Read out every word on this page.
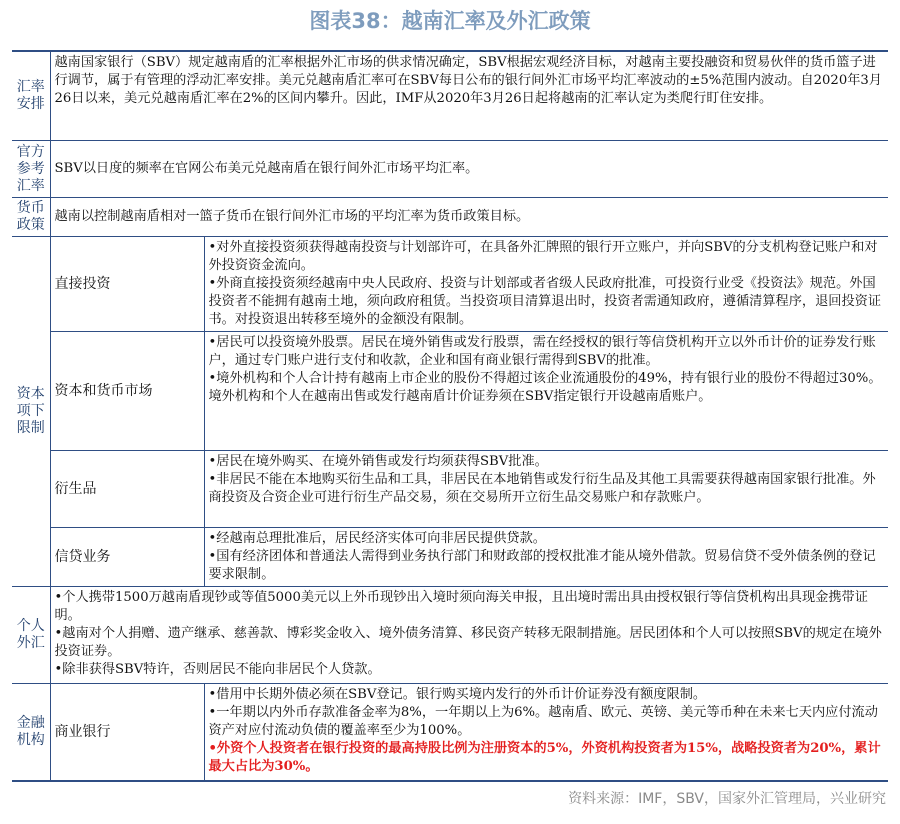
图表38：越南汇率及外汇政策
汇率安排	越南国家银行（SBV）规定越南盾的汇率根据外汇市场的供求情况确定，SBV根据宏观经济目标，对越南主要投融资和贸易伙伴的货币篮子进行调节，属于有管理的浮动汇率安排。美元兑越南盾汇率可在SBV每日公布的银行间外汇市场平均汇率波动的±5%范围内波动。自2020年3月26日以来，美元兑越南盾汇率在2%的区间内攀升。因此，IMF从2020年3月26日起将越南的汇率认定为类爬行盯住安排。	
官方参考汇率	SBV以日度的频率在官网公布美元兑越南盾在银行间外汇市场平均汇率。	
货币政策	越南以控制越南盾相对一篮子货币在银行间外汇市场的平均汇率为货币政策目标。	
资本项下限制	直接投资	•对外直接投资须获得越南投资与计划部许可，在具备外汇牌照的银行开立账户，并向SBV的分支机构登记账户和对外投资资金流向。
•外商直接投资须经越南中央人民政府、投资与计划部或者省级人民政府批准，可投资行业受《投资法》规范。外国投资者不能拥有越南土地，须向政府租赁。当投资项目清算退出时，投资者需通知政府，遵循清算程序，退回投资证书。对投资退出转移至境外的金额没有限制。

	资本和货币市场	•居民可以投资境外股票。居民在境外销售或发行股票，需在经授权的银行等信贷机构开立以外币计价的证券发行账户，通过专门账户进行支付和收款，企业和国有商业银行需得到SBV的批准。
•境外机构和个人合计持有越南上市企业的股份不得超过该企业流通股份的49%，持有银行业的股份不得超过30%。境外机构和个人在越南出售或发行越南盾计价证券须在SBV指定银行开设越南盾账户。

	衍生品	•居民在境外购买、在境外销售或发行均须获得SBV批准。
•非居民不能在本地购买衍生品和工具，非居民在本地销售或发行衍生品及其他工具需要获得越南国家银行批准。外商投资及合资企业可进行衍生产品交易，须在交易所开立衍生品交易账户和存款账户。

	信贷业务	•经越南总理批准后，居民经济实体可向非居民提供贷款。
•国有经济团体和普通法人需得到业务执行部门和财政部的授权批准才能从境外借款。贸易信贷不受外债条例的登记要求限制。

个人外汇	•个人携带1500万越南盾现钞或等值5000美元以上外币现钞出入境时须向海关申报，且出境时需出具由授权银行等信贷机构出具现金携带证明。
•越南对个人捐赠、遗产继承、慈善款、博彩奖金收入、境外债务清算、移民资产转移无限制措施。居民团体和个人可以按照SBV的规定在境外投资证券。
•除非获得SBV特许，否则居民不能向非居民个人贷款。	

金融机构	商业银行	•借用中长期外债必须在SBV登记。银行购买境内发行的外币计价证券没有额度限制。
•一年期以内外币存款准备金率为8%，一年期以上为6%。越南盾、欧元、英镑、美元等币种在未来七天内应付流动资产对应付流动负债的覆盖率至少为100%。
•外资个人投资者在银行投资的最高持股比例为注册资本的5%，外资机构投资者为15%，战略投资者为20%，累计最大占比为30%。
资料来源：IMF，SBV，国家外汇管理局，兴业研究
